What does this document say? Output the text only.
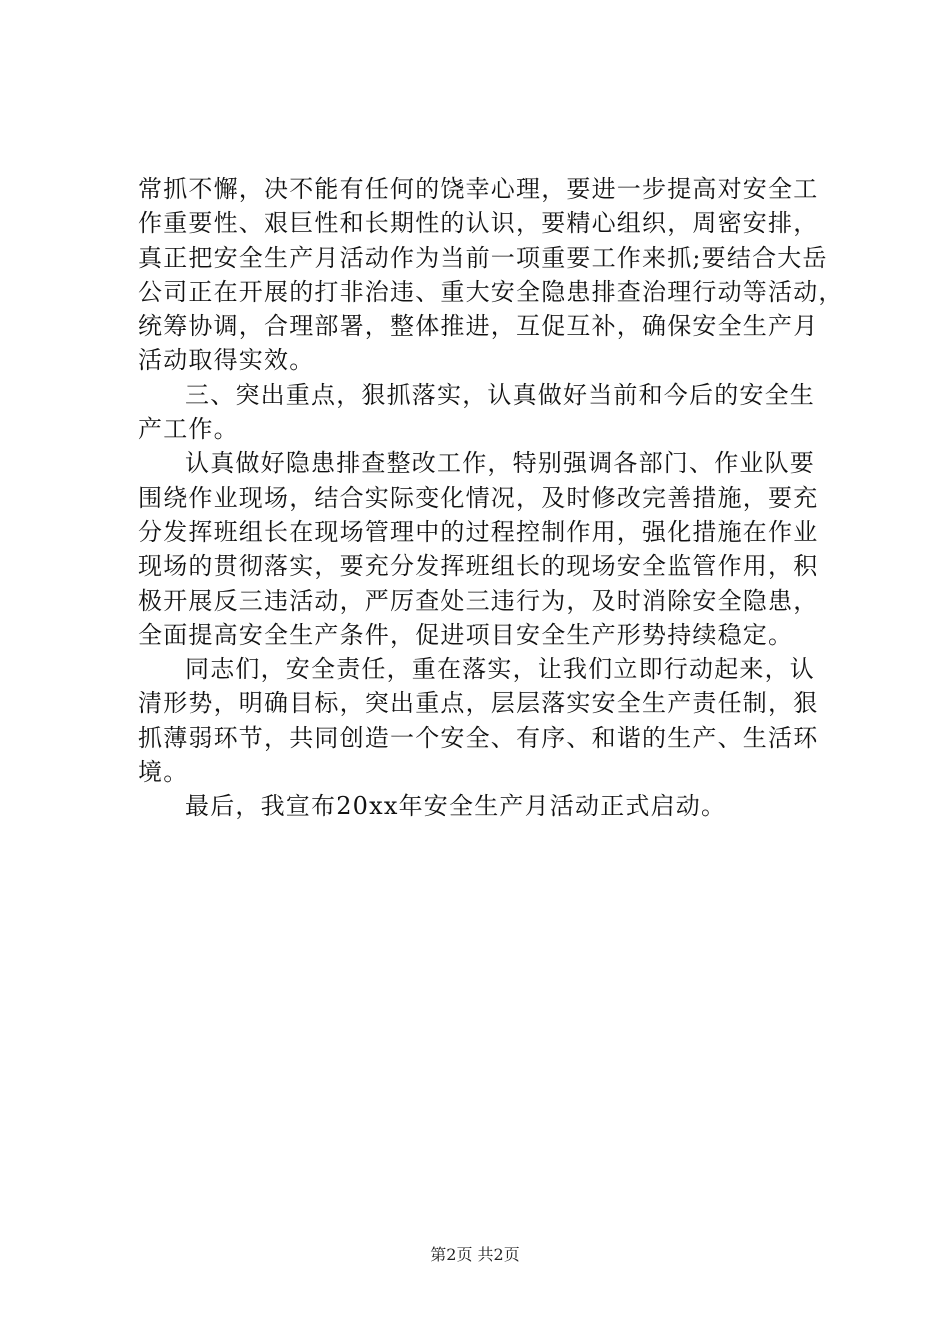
常抓不懈，决不能有任何的饶幸心理，要进一步提高对安全工
作重要性、艰巨性和长期性的认识，要精心组织，周密安排，
真正把安全生产月活动作为当前一项重要工作来抓;要结合大岳
公司正在开展的打非治违、重大安全隐患排查治理行动等活动，
统筹协调，合理部署，整体推进，互促互补，确保安全生产月
活动取得实效。
三、突出重点，狠抓落实，认真做好当前和今后的安全生
产工作。
认真做好隐患排查整改工作，特别强调各部门、作业队要
围绕作业现场，结合实际变化情况，及时修改完善措施，要充
分发挥班组长在现场管理中的过程控制作用，强化措施在作业
现场的贯彻落实，要充分发挥班组长的现场安全监管作用，积
极开展反三违活动，严厉查处三违行为，及时消除安全隐患，
全面提高安全生产条件，促进项目安全生产形势持续稳定。
同志们，安全责任，重在落实，让我们立即行动起来，认
清形势，明确目标，突出重点，层层落实安全生产责任制，狠
抓薄弱环节，共同创造一个安全、有序、和谐的生产、生活环
境。
最后，我宣布20xx年安全生产月活动正式启动。
第2页 共2页
